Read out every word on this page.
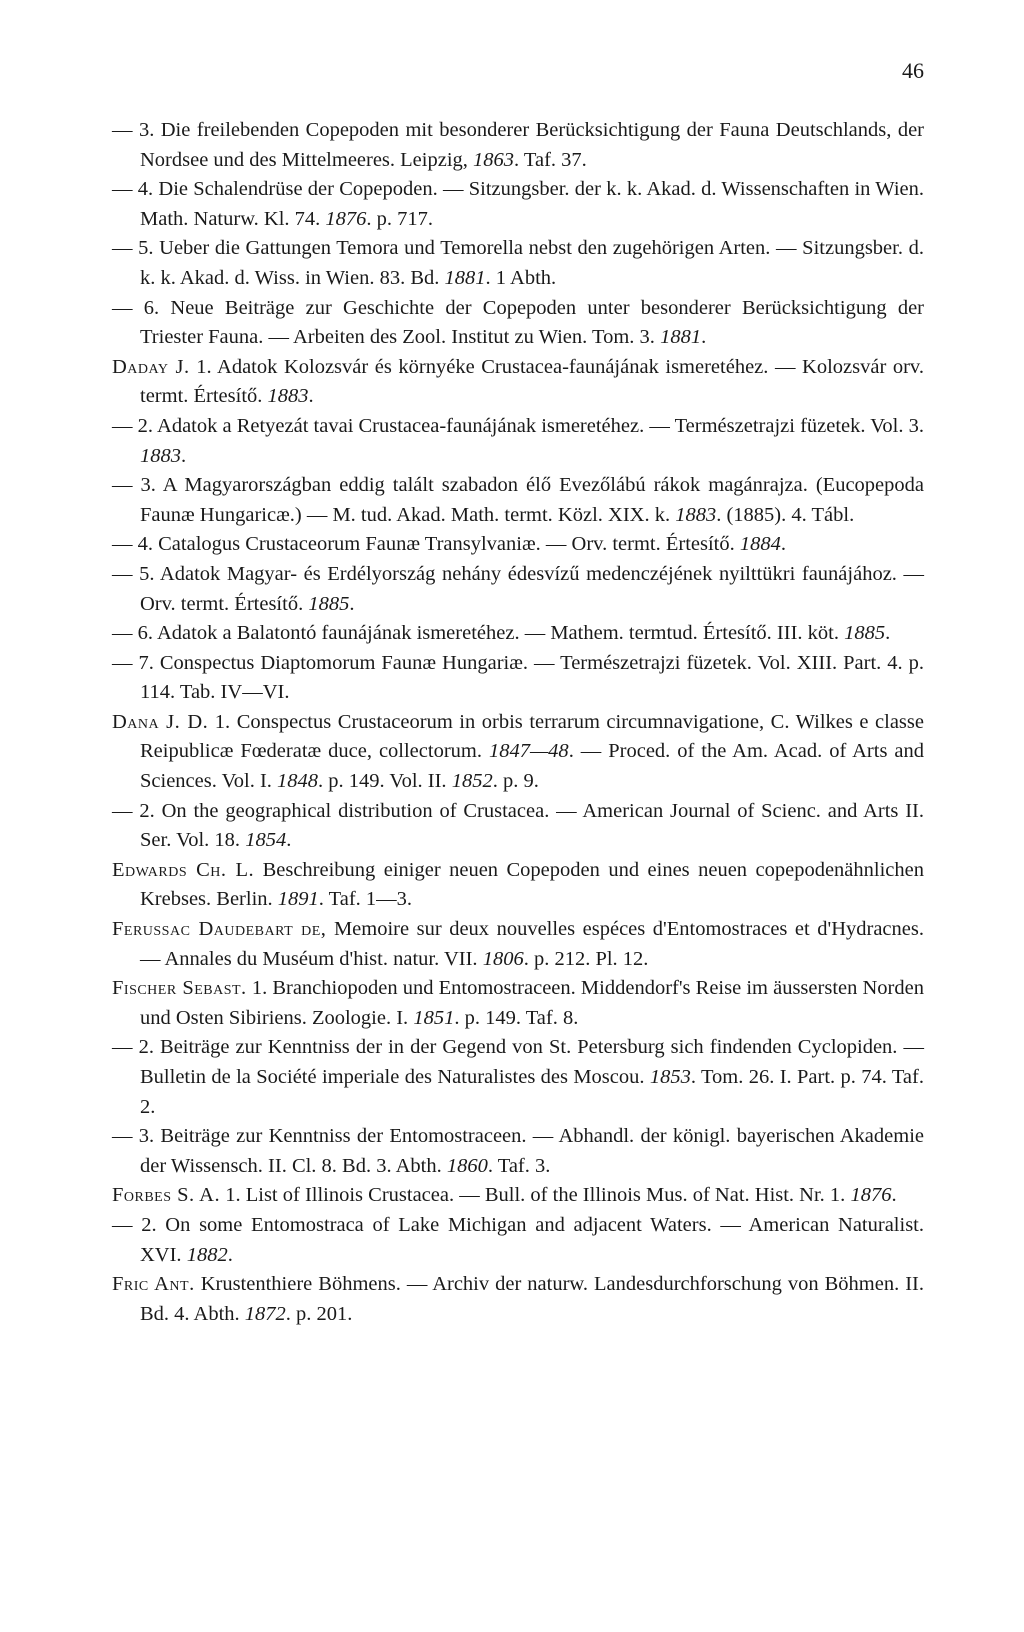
46

— 3. Die freilebenden Copepoden mit besonderer Berücksichtigung der Fauna Deutschlands, der Nordsee und des Mittelmeeres. Leipzig, 1863. Taf. 37.

— 4. Die Schalendrüse der Copepoden. — Sitzungsber. der k. k. Akad. d. Wissenschaften in Wien. Math. Naturw. Kl. 74. 1876. p. 717.

— 5. Ueber die Gattungen Temora und Temorella nebst den zugehörigen Arten. — Sitzungsber. d. k. k. Akad. d. Wiss. in Wien. 83. Bd. 1881. 1 Abth.

— 6. Neue Beiträge zur Geschichte der Copepoden unter besonderer Berücksichtigung der Triester Fauna. — Arbeiten des Zool. Institut zu Wien. Tom. 3. 1881.

Daday J. 1. Adatok Kolozsvár és környéke Crustacea-faunájának ismeretéhez. — Kolozsvár orv. termt. Értesítő. 1883.

— 2. Adatok a Retyezát tavai Crustacea-faunájának ismeretéhez. — Természetrajzi füzetek. Vol. 3. 1883.

— 3. A Magyarországban eddig talált szabadon élő Evezőlábú rákok magánrajza. (Eucopepoda Faunæ Hungaricæ.) — M. tud. Akad. Math. termt. Közl. XIX. k. 1883. (1885). 4. Tábl.

— 4. Catalogus Crustaceorum Faunæ Transylvaniæ. — Orv. termt. Értesítő. 1884.

— 5. Adatok Magyar- és Erdélyország nehány édesvízű medenczéjének nyilttükri faunájához. — Orv. termt. Értesítő. 1885.

— 6. Adatok a Balatontó faunájának ismeretéhez. — Mathem. termtud. Értesítő. III. köt. 1885.

— 7. Conspectus Diaptomorum Faunæ Hungariæ. — Természetrajzi füzetek. Vol. XIII. Part. 4. p. 114. Tab. IV—VI.

Dana J. D. 1. Conspectus Crustaceorum in orbis terrarum circumnavigatione, C. Wilkes e classe Reipublicæ Fœderatæ duce, collectorum. 1847—48. — Proced. of the Am. Acad. of Arts and Sciences. Vol. I. 1848. p. 149. Vol. II. 1852. p. 9.

— 2. On the geographical distribution of Crustacea. — American Journal of Scienc. and Arts II. Ser. Vol. 18. 1854.

Edwards Ch. L. Beschreibung einiger neuen Copepoden und eines neuen copepodenähnlichen Krebses. Berlin. 1891. Taf. 1—3.

Ferussac Daudebart de, Memoire sur deux nouvelles espéces d'Entomostraces et d'Hydracnes. — Annales du Muséum d'hist. natur. VII. 1806. p. 212. Pl. 12.

Fischer Sebast. 1. Branchiopoden und Entomostraceen. Middendorf's Reise im äussersten Norden und Osten Sibiriens. Zoologie. I. 1851. p. 149. Taf. 8.

— 2. Beiträge zur Kenntniss der in der Gegend von St. Petersburg sich findenden Cyclopiden. — Bulletin de la Société imperiale des Naturalistes des Moscou. 1853. Tom. 26. I. Part. p. 74. Taf. 2.

— 3. Beiträge zur Kenntniss der Entomostraceen. — Abhandl. der königl. bayerischen Akademie der Wissensch. II. Cl. 8. Bd. 3. Abth. 1860. Taf. 3.

Forbes S. A. 1. List of Illinois Crustacea. — Bull. of the Illinois Mus. of Nat. Hist. Nr. 1. 1876.

— 2. On some Entomostraca of Lake Michigan and adjacent Waters. — American Naturalist. XVI. 1882.

Fric Ant. Krustenthiere Böhmens. — Archiv der naturw. Landesdurchforschung von Böhmen. II. Bd. 4. Abth. 1872. p. 201.
